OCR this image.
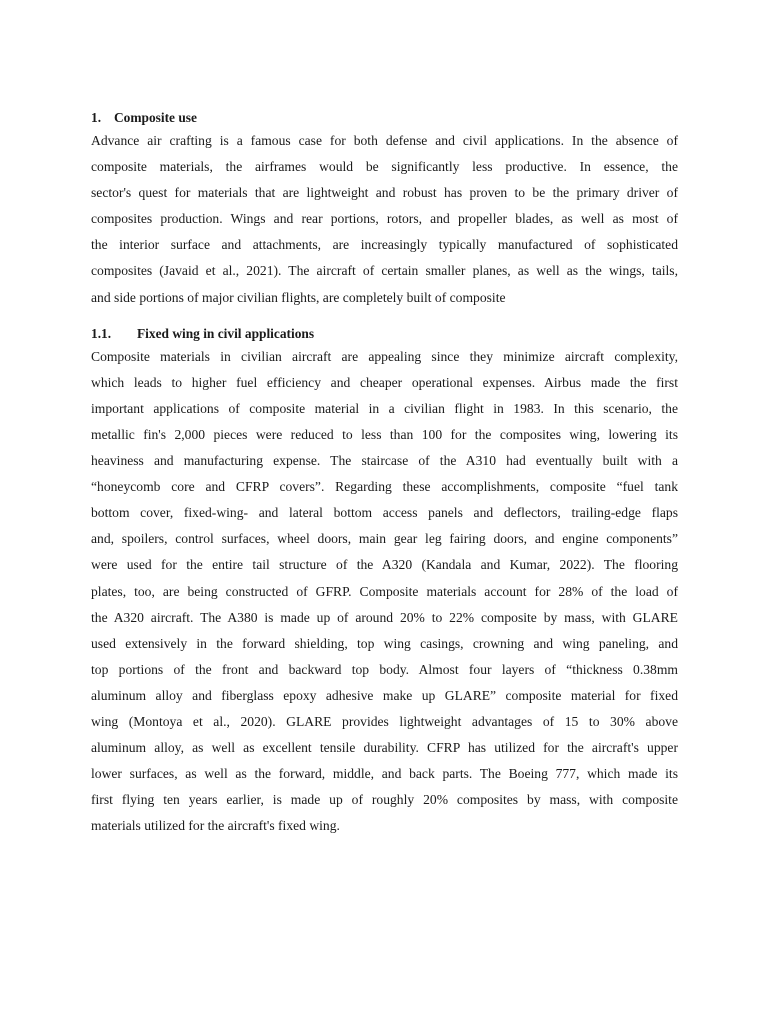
1. Composite use
Advance air crafting is a famous case for both defense and civil applications. In the absence of
composite materials, the airframes would be significantly less productive. In essence, the
sector's quest for materials that are lightweight and robust has proven to be the primary driver of
composites production. Wings and rear portions, rotors, and propeller blades, as well as most of
the interior surface and attachments, are increasingly typically manufactured of sophisticated
composites (Javaid et al., 2021). The aircraft of certain smaller planes, as well as the wings, tails,
and side portions of major civilian flights, are completely built of composite
1.1.	Fixed wing in civil applications
Composite materials in civilian aircraft are appealing since they minimize aircraft complexity,
which leads to higher fuel efficiency and cheaper operational expenses. Airbus made the first
important applications of composite material in a civilian flight in 1983. In this scenario, the
metallic fin's 2,000 pieces were reduced to less than 100 for the composites wing, lowering its
heaviness and manufacturing expense. The staircase of the A310 had eventually built with a
“honeycomb core and CFRP covers”. Regarding these accomplishments, composite “fuel tank
bottom cover, fixed-wing- and lateral bottom access panels and deflectors, trailing-edge flaps
and, spoilers, control surfaces, wheel doors, main gear leg fairing doors, and engine components”
were used for the entire tail structure of the A320 (Kandala and Kumar, 2022). The flooring
plates, too, are being constructed of GFRP. Composite materials account for 28% of the load of
the A320 aircraft. The A380 is made up of around 20% to 22% composite by mass, with GLARE
used extensively in the forward shielding, top wing casings, crowning and wing paneling, and
top portions of the front and backward top body. Almost four layers of “thickness 0.38mm
aluminum alloy and fiberglass epoxy adhesive make up GLARE” composite material for fixed
wing (Montoya et al., 2020). GLARE provides lightweight advantages of 15 to 30% above
aluminum alloy, as well as excellent tensile durability. CFRP has utilized for the aircraft's upper
lower surfaces, as well as the forward, middle, and back parts. The Boeing 777, which made its
first flying ten years earlier, is made up of roughly 20% composites by mass, with composite
materials utilized for the aircraft's fixed wing.
